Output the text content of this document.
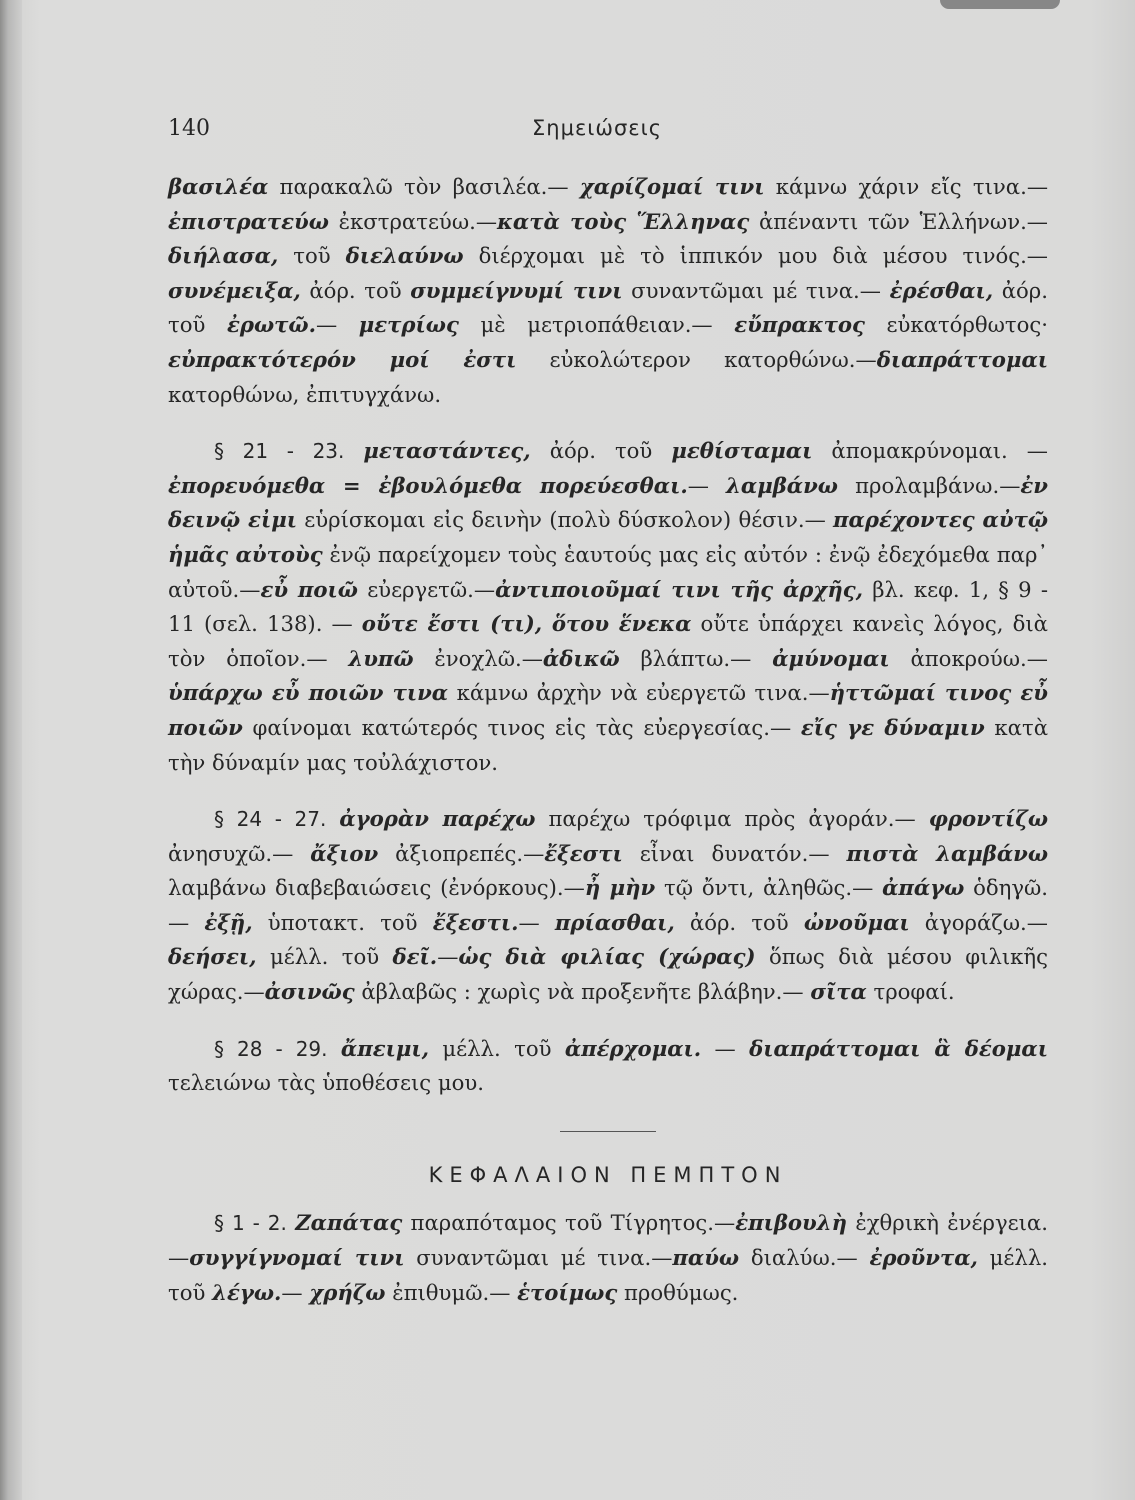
140	Σημειώσεις

βασιλέα παρακαλῶ τὸν βασιλέα.— χαρίζομαί τινι κάμνω χάριν εἴς τινα.—ἐπιστρατεύω ἐκστρατεύω.—κατὰ τοὺς Ἕλληνας ἀπέναντι τῶν Ἑλλήνων.—διήλασα, τοῦ διελαύνω διέρχομαι μὲ τὸ ἱππικόν μου διὰ μέσου τινός.—συνέμειξα, ἀόρ. τοῦ συμμείγνυμί τινι συναντῶμαι μέ τινα.— ἐρέσθαι, ἀόρ. τοῦ ἐρωτῶ.— μετρίως μὲ μετριοπάθειαν.— εὔπρακτος εὐκατόρθωτος· εὐπρακτότερόν μοί ἐστι εὐκολώτερον κατορθώνω.—διαπράττομαι κατορθώνω, ἐπιτυγχάνω.

§ 21 - 23. μεταστάντες, ἀόρ. τοῦ μεθίσταμαι ἀπομακρύνομαι. — ἐπορευόμεθα = ἐβουλόμεθα πορεύεσθαι.— λαμβάνω προλαμβάνω.—ἐν δεινῷ εἰμι εὑρίσκομαι εἰς δεινὴν (πολὺ δύσκολον) θέσιν.— παρέχοντες αὐτῷ ἡμᾶς αὐτοὺς ἐνῷ παρείχομεν τοὺς ἑαυτούς μας εἰς αὐτόν : ἐνῷ ἐδεχόμεθα παρ᾽ αὐτοῦ.—εὖ ποιῶ εὐεργετῶ.—ἀντιποιοῦμαί τινι τῆς ἀρχῆς, βλ. κεφ. 1, § 9 - 11 (σελ. 138). — οὔτε ἔστι (τι), ὅτου ἕνεκα οὔτε ὑπάρχει κανεὶς λόγος, διὰ τὸν ὁποῖον.— λυπῶ ἐνοχλῶ.—ἀδικῶ βλάπτω.— ἀμύνομαι ἀποκρούω.—ὑπάρχω εὖ ποιῶν τινα κάμνω ἀρχὴν νὰ εὐεργετῶ τινα.—ἡττῶμαί τινος εὖ ποιῶν φαίνομαι κατώτερός τινος εἰς τὰς εὐεργεσίας.— εἴς γε δύναμιν κατὰ τὴν δύναμίν μας τοὐλάχιστον.

§ 24 - 27. ἀγορὰν παρέχω παρέχω τρόφιμα πρὸς ἀγοράν.— φροντίζω ἀνησυχῶ.— ἄξιον ἀξιοπρεπές.—ἔξεστι εἶναι δυνατόν.— πιστὰ λαμβάνω λαμβάνω διαβεβαιώσεις (ἐνόρκους).—ἦ μὴν τῷ ὄντι, ἀληθῶς.— ἀπάγω ὁδηγῶ.— ἐξῇ, ὑποτακτ. τοῦ ἔξεστι.— πρίασθαι, ἀόρ. τοῦ ὠνοῦμαι ἀγοράζω.—δεήσει, μέλλ. τοῦ δεῖ.—ὡς διὰ φιλίας (χώρας) ὅπως διὰ μέσου φιλικῆς χώρας.—ἀσινῶς ἀβλαβῶς : χωρὶς νὰ προξενῆτε βλάβην.— σῖτα τροφαί.

§ 28 - 29. ἄπειμι, μέλλ. τοῦ ἀπέρχομαι. — διαπράττομαι ἃ δέομαι τελειώνω τὰς ὑποθέσεις μου.

ΚΕΦΑΛΑΙΟΝ ΠΕΜΠΤΟΝ

§ 1 - 2. Ζαπάτας παραπόταμος τοῦ Τίγρητος.—ἐπιβουλὴ ἐχθρικὴ ἐνέργεια.—συγγίγνομαί τινι συναντῶμαι μέ τινα.—παύω διαλύω.— ἐροῦντα, μέλλ. τοῦ λέγω.— χρήζω ἐπιθυμῶ.— ἑτοίμως προθύμως.
